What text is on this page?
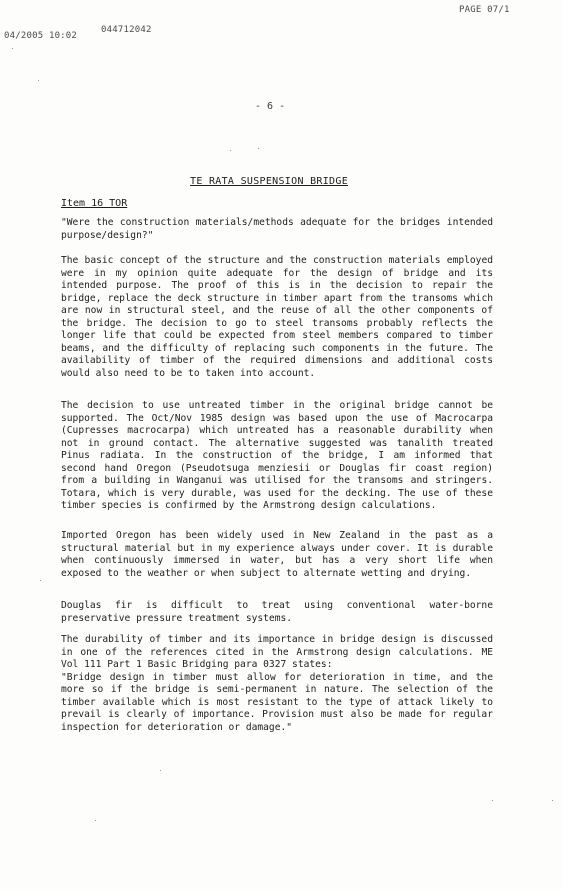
04/2005 10:02
044712042
PAGE 07/1
- 6 -
TE RATA SUSPENSION BRIDGE
Item 16 TOR

"Were the construction materials/methods adequate for the bridges intended purpose/design?"

The basic concept of the structure and the construction materials employed were in my opinion quite adequate for the design of bridge and its intended purpose. The proof of this is in the decision to repair the bridge, replace the deck structure in timber apart from the transoms which are now in structural steel, and the reuse of all the other components of the bridge. The decision to go to steel transoms probably reflects the longer life that could be expected from steel members compared to timber beams, and the difficulty of replacing such components in the future. The availability of timber of the required dimensions and additional costs would also need to be to taken into account.

The decision to use untreated timber in the original bridge cannot be supported. The Oct/Nov 1985 design was based upon the use of Macrocarpa (Cupresses macrocarpa) which untreated has a reasonable durability when not in ground contact. The alternative suggested was tanalith treated Pinus radiata. In the construction of the bridge, I am informed that second hand Oregon (Pseudotsuga menziesii or Douglas fir coast region) from a building in Wanganui was utilised for the transoms and stringers. Totara, which is very durable, was used for the decking. The use of these timber species is confirmed by the Armstrong design calculations.

Imported Oregon has been widely used in New Zealand in the past as a structural material but in my experience always under cover. It is durable when continuously immersed in water, but has a very short life when exposed to the weather or when subject to alternate wetting and drying.

Douglas fir is difficult to treat using conventional water-borne preservative pressure treatment systems.

The durability of timber and its importance in bridge design is discussed in one of the references cited in the Armstrong design calculations. ME Vol 111 Part 1 Basic Bridging para 0327 states:
"Bridge design in timber must allow for deterioration in time, and the more so if the bridge is semi-permanent in nature. The selection of the timber available which is most resistant to the type of attack likely to prevail is clearly of importance. Provision must also be made for regular inspection for deterioration or damage."
